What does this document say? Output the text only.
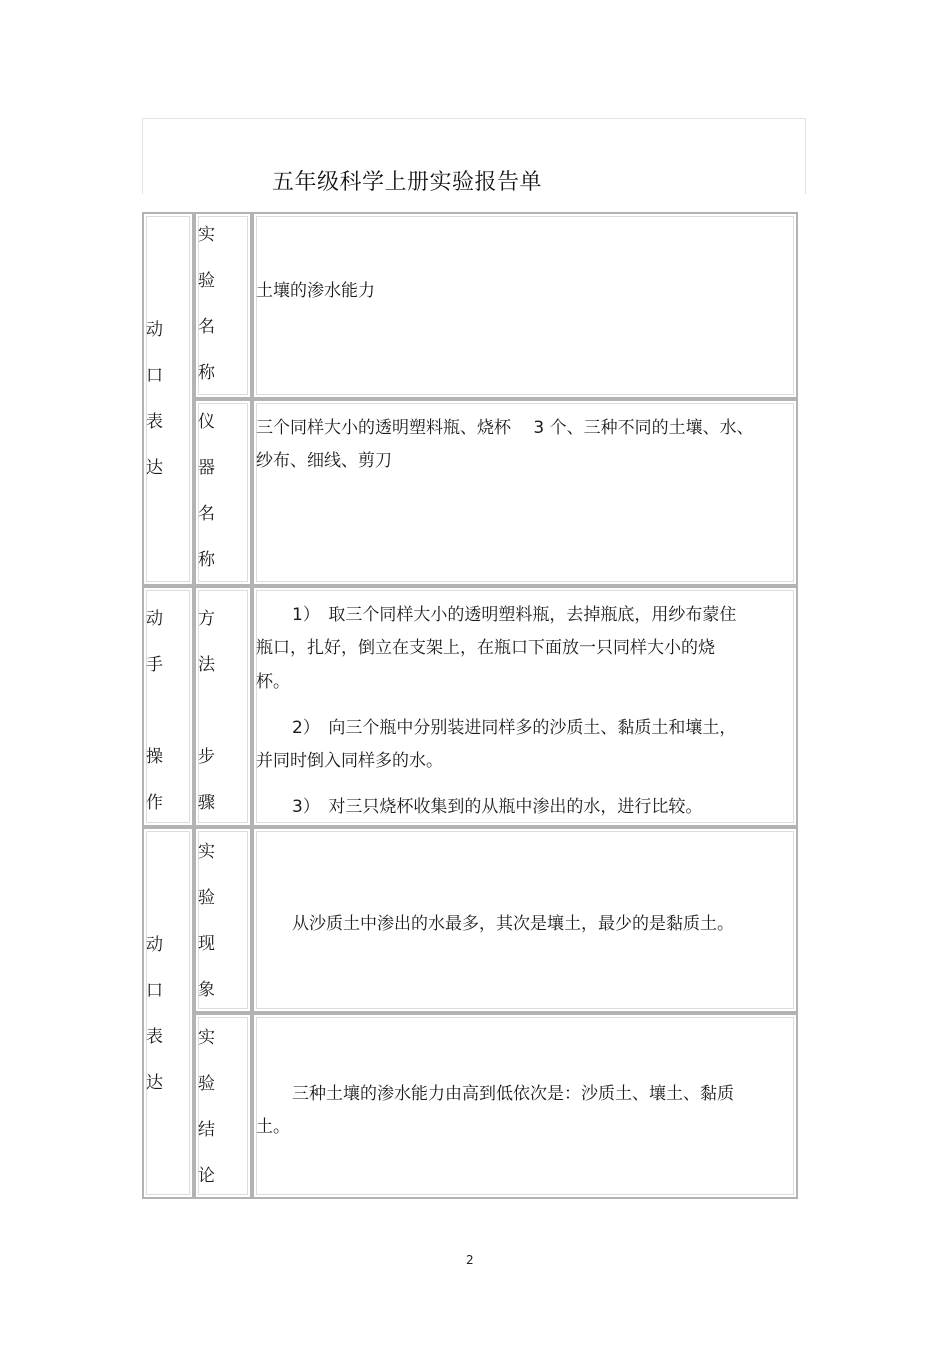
五年级科学上册实验报告单
动口表达
实验名称
土壤的渗水能力
仪器名称
三个同样大小的透明塑料瓶、烧杯　 3 个、三种不同的土壤、水、
纱布、细线、剪刀
动
手
操
作
方
法
步
骤
1）　取三个同样大小的透明塑料瓶，去掉瓶底，用纱布蒙住
瓶口，扎好，倒立在支架上，在瓶口下面放一只同样大小的烧
杯。
2）　向三个瓶中分别装进同样多的沙质土、黏质土和壤土，
并同时倒入同样多的水。
3）　对三只烧杯收集到的从瓶中渗出的水，进行比较。
动口表达
实验现象
从沙质土中渗出的水最多，其次是壤土，最少的是黏质土。
实验结论
三种土壤的渗水能力由高到低依次是：沙质土、壤土、黏质
土。
2
